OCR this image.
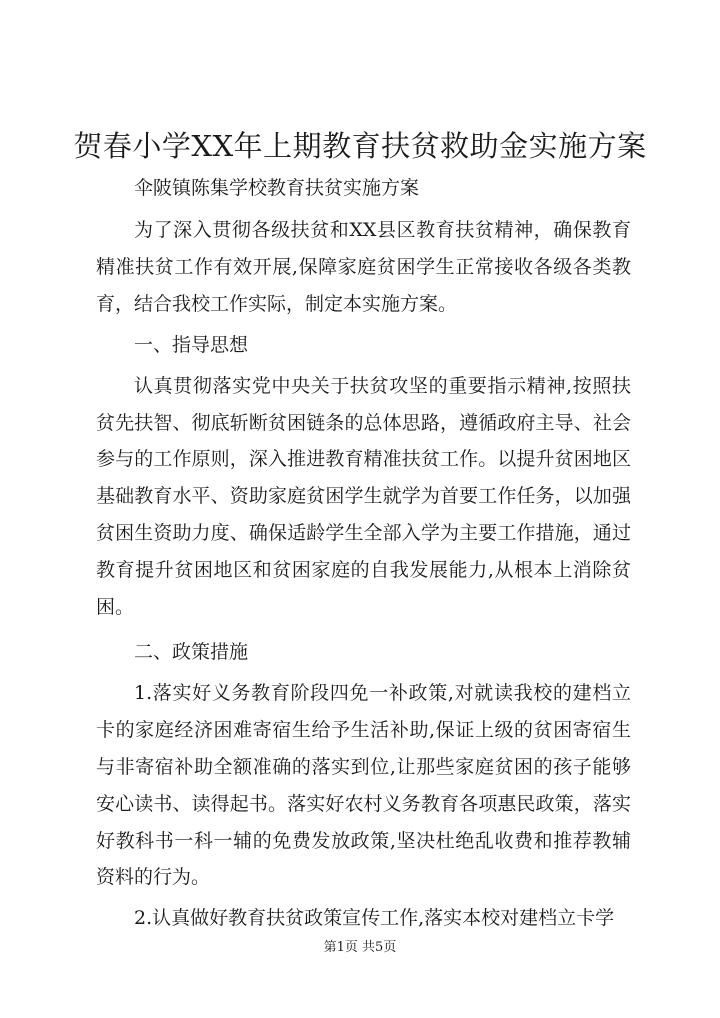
贺春小学XX年上期教育扶贫救助金实施方案

伞陂镇陈集学校教育扶贫实施方案

为了深入贯彻各级扶贫和XX县区教育扶贫精神，确保教育精准扶贫工作有效开展,保障家庭贫困学生正常接收各级各类教育，结合我校工作实际，制定本实施方案。

一、指导思想

认真贯彻落实党中央关于扶贫攻坚的重要指示精神,按照扶贫先扶智、彻底斩断贫困链条的总体思路，遵循政府主导、社会参与的工作原则，深入推进教育精准扶贫工作。以提升贫困地区基础教育水平、资助家庭贫困学生就学为首要工作任务，以加强贫困生资助力度、确保适龄学生全部入学为主要工作措施，通过教育提升贫困地区和贫困家庭的自我发展能力,从根本上消除贫困。

二、政策措施

1.落实好义务教育阶段四免一补政策,对就读我校的建档立卡的家庭经济困难寄宿生给予生活补助,保证上级的贫困寄宿生与非寄宿补助全额准确的落实到位,让那些家庭贫困的孩子能够安心读书、读得起书。落实好农村义务教育各项惠民政策，落实好教科书一科一辅的免费发放政策,坚决杜绝乱收费和推荐教辅资料的行为。

2.认真做好教育扶贫政策宣传工作,落实本校对建档立卡学

第1页 共5页
